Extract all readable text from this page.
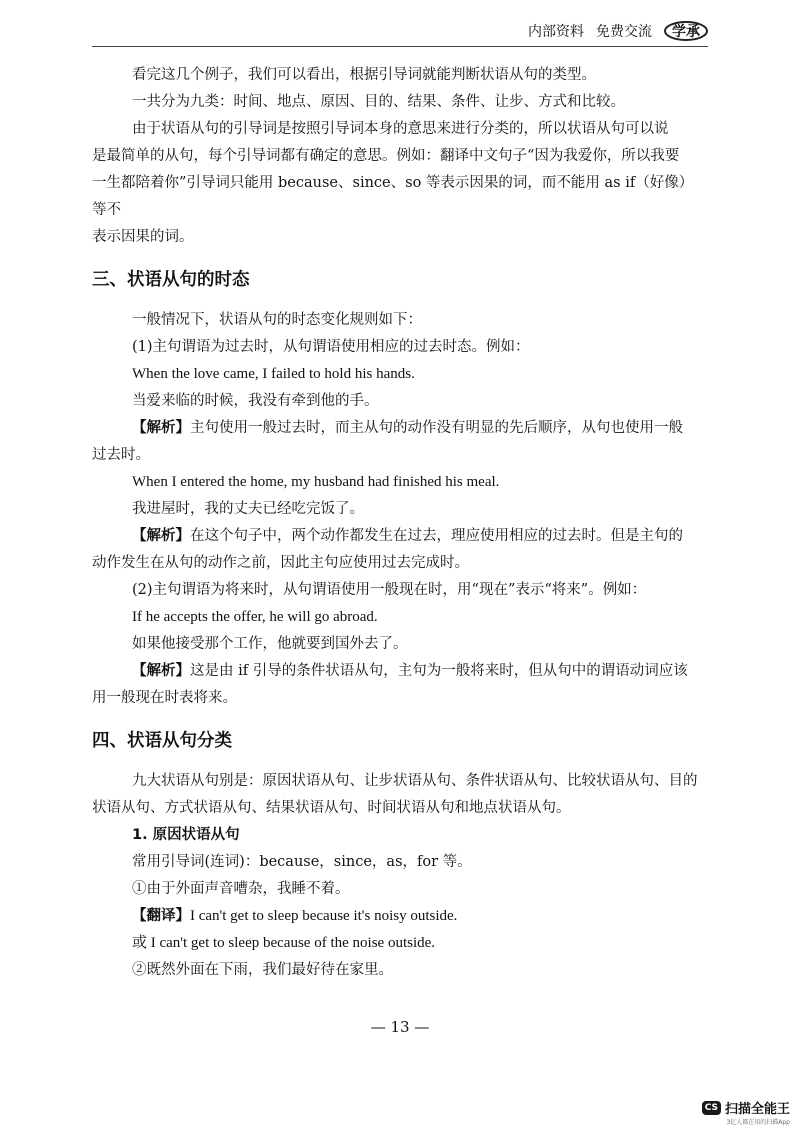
内部资料 免费交流 学承

看完这几个例子，我们可以看出，根据引导词就能判断状语从句的类型。

一共分为九类：时间、地点、原因、目的、结果、条件、让步、方式和比较。

由于状语从句的引导词是按照引导词本身的意思来进行分类的，所以状语从句可以说

是最简单的从句，每个引导词都有确定的意思。例如：翻译中文句子“因为我爱你，所以我要

一生都陪着你”引导词只能用 because、since、so 等表示因果的词，而不能用 as if（好像）等不

表示因果的词。

三、状语从句的时态

一般情况下，状语从句的时态变化规则如下：

(1)主句谓语为过去时，从句谓语使用相应的过去时态。例如：

When the love came, I failed to hold his hands.

当爱来临的时候，我没有牵到他的手。

【解析】主句使用一般过去时，而主从句的动作没有明显的先后顺序，从句也使用一般

过去时。

When I entered the home, my husband had finished his meal.

我进屋时，我的丈夫已经吃完饭了。

【解析】在这个句子中，两个动作都发生在过去，理应使用相应的过去时。但是主句的

动作发生在从句的动作之前，因此主句应使用过去完成时。

(2)主句谓语为将来时，从句谓语使用一般现在时，用“现在”表示“将来”。例如：

If he accepts the offer, he will go abroad.

如果他接受那个工作，他就要到国外去了。

【解析】这是由 if 引导的条件状语从句，主句为一般将来时，但从句中的谓语动词应该

用一般现在时表将来。

四、状语从句分类

九大状语从句别是：原因状语从句、让步状语从句、条件状语从句、比较状语从句、目的

状语从句、方式状语从句、结果状语从句、时间状语从句和地点状语从句。

1. 原因状语从句

常用引导词(连词)：because，since，as，for 等。

①由于外面声音嘈杂，我睡不着。

【翻译】I can't get to sleep because it's noisy outside.

或 I can't get to sleep because of the noise outside.

②既然外面在下雨，我们最好待在家里。

— 13 —
CS 扫描全能王
3亿人都在用的扫描App
